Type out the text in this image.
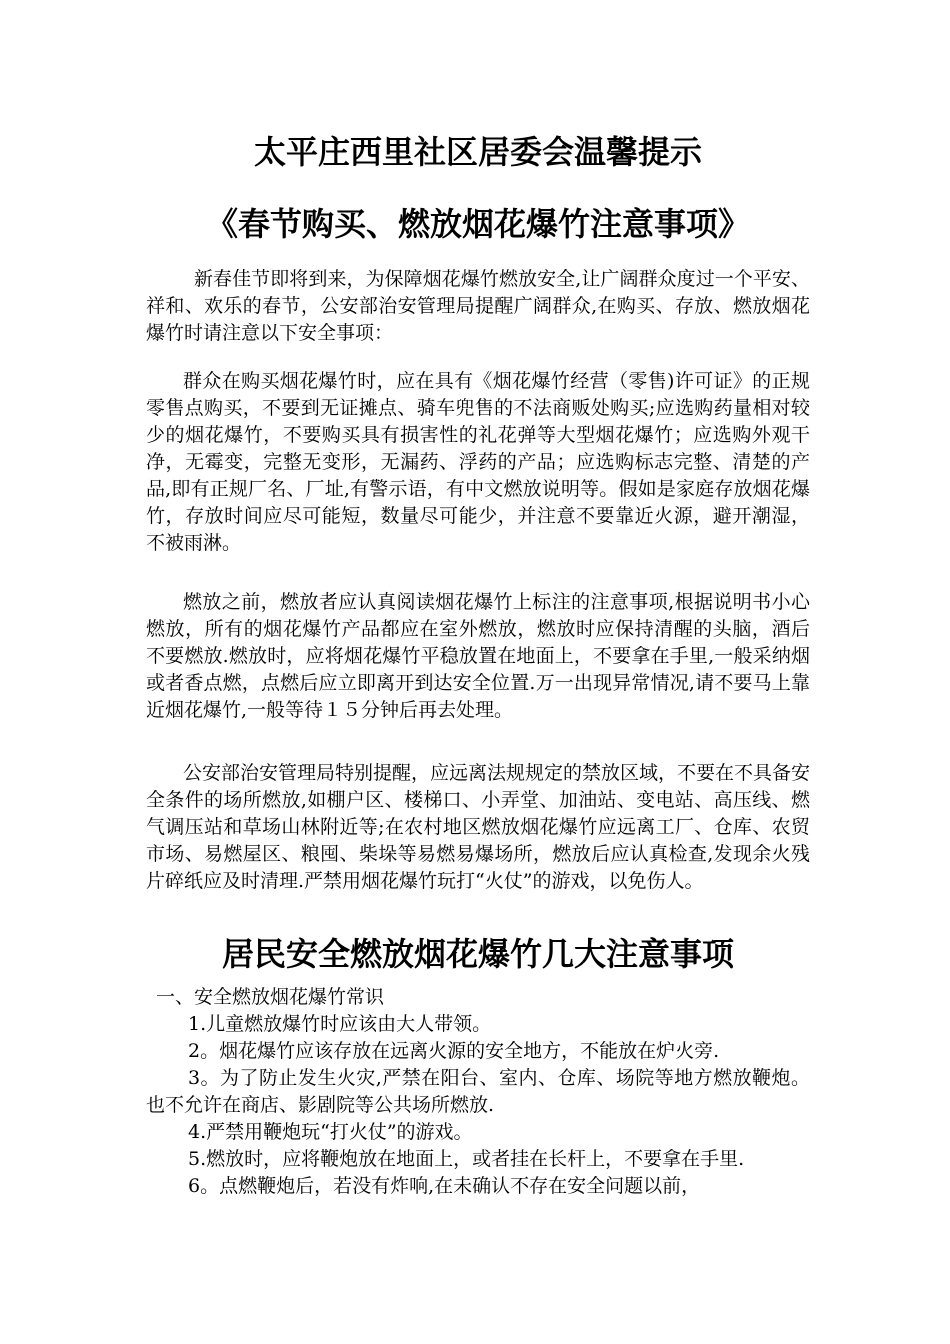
太平庄西里社区居委会温馨提示
《春节购买、燃放烟花爆竹注意事项》

新春佳节即将到来，为保障烟花爆竹燃放安全,让广阔群众度过一个平安、祥和、欢乐的春节，公安部治安管理局提醒广阔群众,在购买、存放、燃放烟花爆竹时请注意以下安全事项：

群众在购买烟花爆竹时，应在具有《烟花爆竹经营（零售)许可证》的正规零售点购买，不要到无证摊点、骑车兜售的不法商贩处购买;应选购药量相对较少的烟花爆竹，不要购买具有损害性的礼花弹等大型烟花爆竹；应选购外观干净，无霉变，完整无变形，无漏药、浮药的产品；应选购标志完整、清楚的产品,即有正规厂名、厂址,有警示语，有中文燃放说明等。假如是家庭存放烟花爆竹，存放时间应尽可能短，数量尽可能少，并注意不要靠近火源，避开潮湿，不被雨淋。

燃放之前，燃放者应认真阅读烟花爆竹上标注的注意事项,根据说明书小心燃放，所有的烟花爆竹产品都应在室外燃放，燃放时应保持清醒的头脑，酒后不要燃放.燃放时，应将烟花爆竹平稳放置在地面上，不要拿在手里,一般采纳烟或者香点燃，点燃后应立即离开到达安全位置.万一出现异常情况,请不要马上靠近烟花爆竹,一般等待１５分钟后再去处理。

公安部治安管理局特别提醒，应远离法规规定的禁放区域，不要在不具备安全条件的场所燃放,如棚户区、楼梯口、小弄堂、加油站、变电站、高压线、燃气调压站和草场山林附近等;在农村地区燃放烟花爆竹应远离工厂、仓库、农贸市场、易燃屋区、粮囤、柴垛等易燃易爆场所，燃放后应认真检查,发现余火残片碎纸应及时清理.严禁用烟花爆竹玩打“火仗”的游戏，以免伤人。

居民安全燃放烟花爆竹几大注意事项

一、安全燃放烟花爆竹常识

1.儿童燃放爆竹时应该由大人带领。

2。烟花爆竹应该存放在远离火源的安全地方，不能放在炉火旁.

3。为了防止发生火灾,严禁在阳台、室内、仓库、场院等地方燃放鞭炮。也不允许在商店、影剧院等公共场所燃放.

4.严禁用鞭炮玩“打火仗”的游戏。

5.燃放时，应将鞭炮放在地面上，或者挂在长杆上，不要拿在手里.

6。点燃鞭炮后，若没有炸响,在未确认不存在安全问题以前，
